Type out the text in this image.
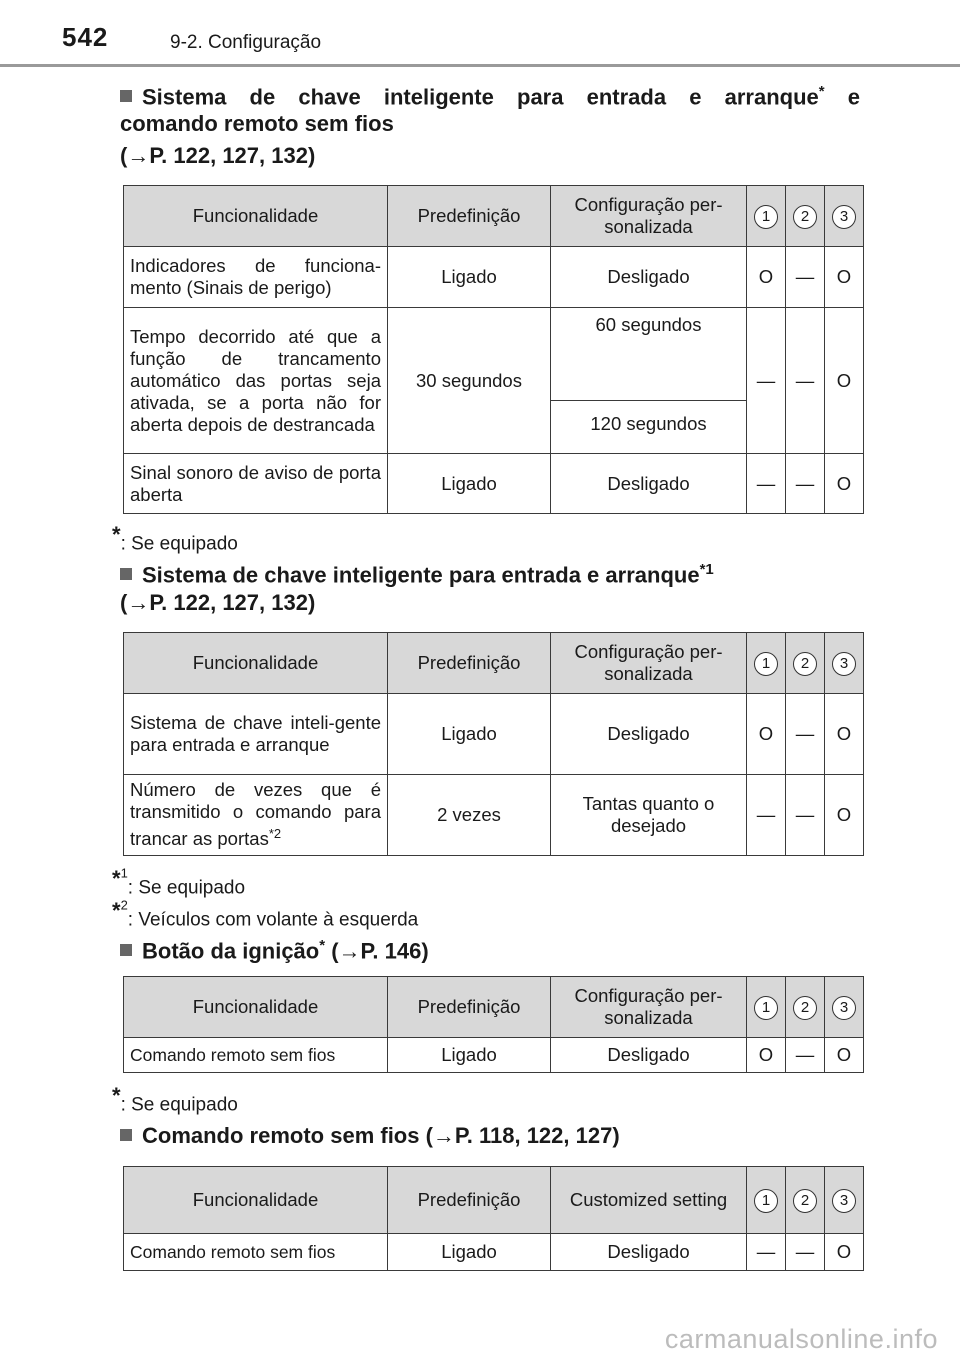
542	9-2. Configuração
Sistema de chave inteligente para entrada e arranque* e
comando remoto sem fios
(→P. 122, 127, 132)
Funcionalidade	Predefinição	Configuração per-sonalizada	1	2	3
Indicadores de funciona-mento (Sinais de perigo)	Ligado	Desligado	O	—	O
Tempo decorrido até que a função de trancamento automático das portas seja ativada, se a porta não for aberta depois de destrancada	30 segundos	60 segundos	—	—	O
		120 segundos			
Sinal sonoro de aviso de porta aberta	Ligado	Desligado	—	—	O
*: Se equipado
Sistema de chave inteligente para entrada e arranque$^{*1}$
(→P. 122, 127, 132)
Funcionalidade	Predefinição	Configuração per-sonalizada	1	2	3
Sistema de chave inteli-gente para entrada e arranque	Ligado	Desligado	O	—	O
Número de vezes que é transmitido o comando para trancar as portas$^{*2}$	2 vezes	Tantas quanto o desejado	—	—	O
$^{*^1}$: Se equipado
$^{*^2}$: Veículos com volante à esquerda
Botão da ignição* (→P. 146)
Funcionalidade	Predefinição	Configuração per-sonalizada	1	2	3
Comando remoto sem fios	Ligado	Desligado	O	—	O
*: Se equipado
Comando remoto sem fios (→P. 118, 122, 127)
Funcionalidade	Predefinição	Customized setting	1	2	3
Comando remoto sem fios	Ligado	Desligado	—	—	O
carmanualsonline.info
